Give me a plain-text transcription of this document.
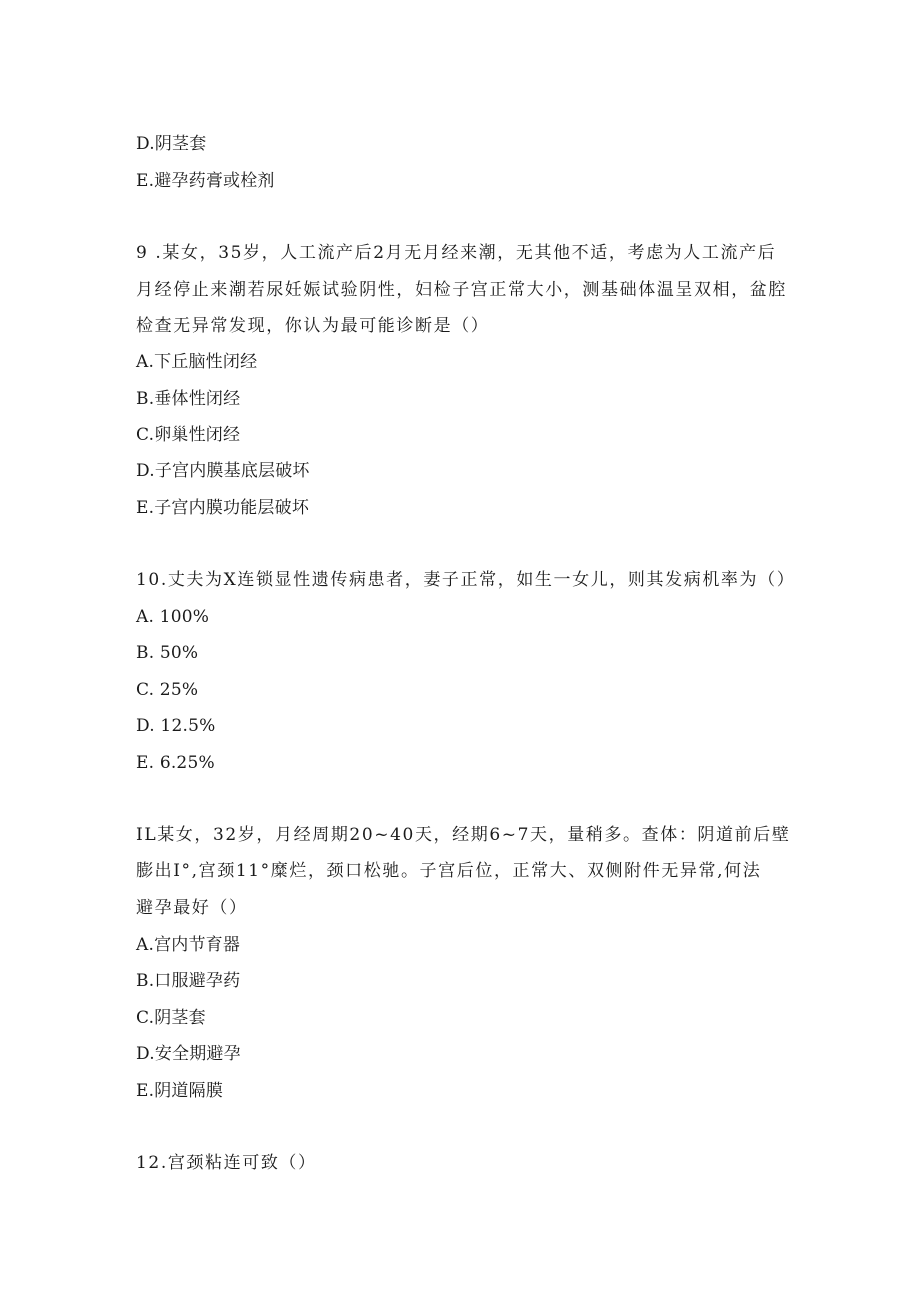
D.阴茎套
E.避孕药膏或栓剂
9 .某女，35岁，人工流产后2月无月经来潮，无其他不适，考虑为人工流产后
月经停止来潮若尿妊娠试验阴性，妇检子宫正常大小，测基础体温呈双相，盆腔
检查无异常发现，你认为最可能诊断是（）
A.下丘脑性闭经
B.垂体性闭经
C.卵巢性闭经
D.子宫内膜基底层破坏
E.子宫内膜功能层破坏
10.丈夫为X连锁显性遗传病患者，妻子正常，如生一女儿，则其发病机率为（）
A. 100%
B. 50%
C. 25%
D. 12.5%
E. 6.25%
IL某女，32岁，月经周期20~40天，经期6~7天，量稍多。查体：阴道前后壁
膨出I°,宫颈11°糜烂，颈口松驰。子宫后位，正常大、双侧附件无异常,何法
避孕最好（）
A.宫内节育器
B.口服避孕药
C.阴茎套
D.安全期避孕
E.阴道隔膜
12.宫颈粘连可致（）
